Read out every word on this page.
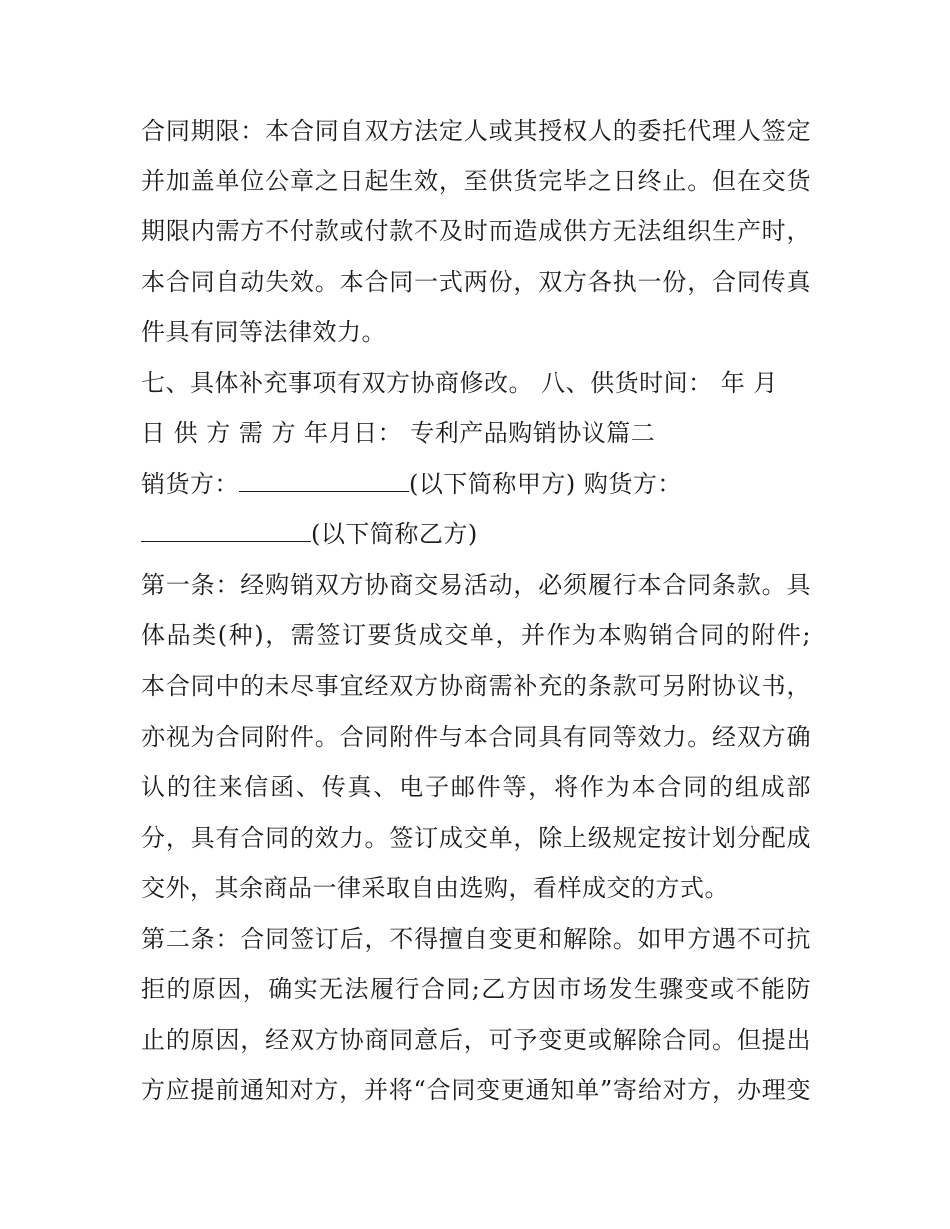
合同期限：本合同自双方法定人或其授权人的委托代理人签定
并加盖单位公章之日起生效，至供货完毕之日终止。但在交货
期限内需方不付款或付款不及时而造成供方无法组织生产时，
本合同自动失效。本合同一式两份，双方各执一份，合同传真
件具有同等法律效力。
七、具体补充事项有双方协商修改。 八、供货时间： 年 月
日 供 方 需 方 年月日： 专利产品购销协议篇二
销货方：	(以下简称甲方) 购货方：
(以下简称乙方)
第一条：经购销双方协商交易活动，必须履行本合同条款。具
体品类(种)，需签订要货成交单，并作为本购销合同的附件;
本合同中的未尽事宜经双方协商需补充的条款可另附协议书，
亦视为合同附件。合同附件与本合同具有同等效力。经双方确
认的往来信函、传真、电子邮件等，将作为本合同的组成部
分，具有合同的效力。签订成交单，除上级规定按计划分配成
交外，其余商品一律采取自由选购，看样成交的方式。
第二条：合同签订后，不得擅自变更和解除。如甲方遇不可抗
拒的原因，确实无法履行合同;乙方因市场发生骤变或不能防
止的原因，经双方协商同意后，可予变更或解除合同。但提出
方应提前通知对方，并将“合同变更通知单”寄给对方，办理变
